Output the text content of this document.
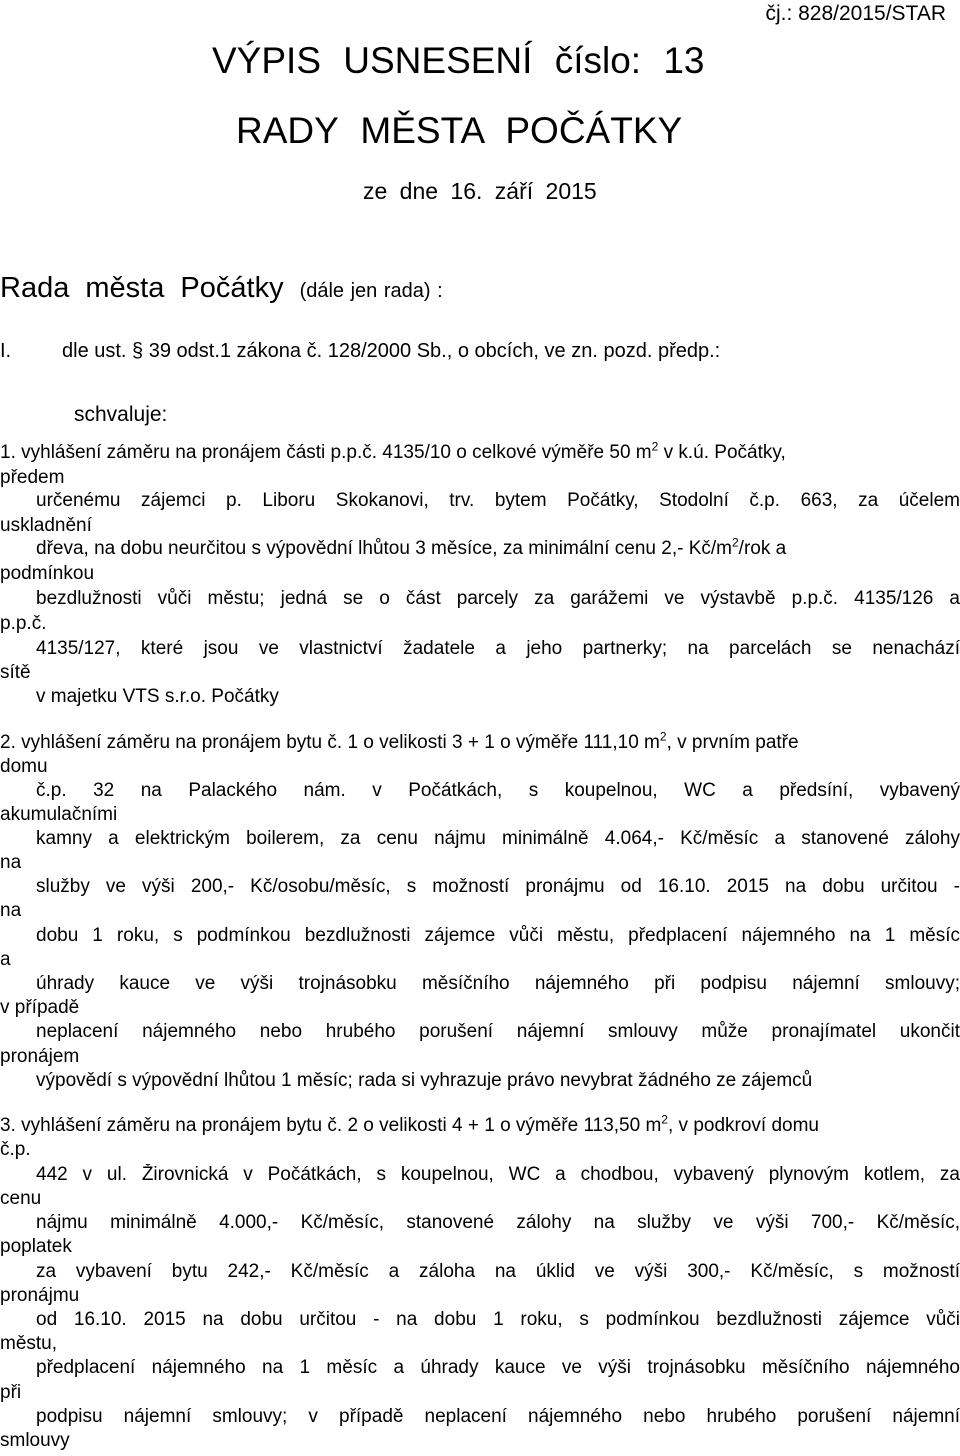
čj.: 828/2015/STAR
VÝPIS USNESENÍ číslo: 13
RADY MĚSTA POČÁTKY
ze dne 16. září 2015
Rada města Počátky (dále jen rada) :
I.	dle ust. § 39 odst.1 zákona č. 128/2000 Sb., o obcích, ve zn. pozd. předp.:
schvaluje:
1. vyhlášení záměru na pronájem části p.p.č. 4135/10 o celkové výměře 50 $m^2$ v k.ú. Počátky,
předem
určenému zájemci p. Liboru Skokanovi, trv. bytem Počátky, Stodolní č.p. 663, za účelem
uskladnění
dřeva, na dobu neurčitou s výpovědní lhůtou 3 měsíce, za minimální cenu 2,- $Kč/m^2$/rok a
podmínkou
bezdlužnosti vůči městu; jedná se o část parcely za garážemi ve výstavbě p.p.č. 4135/126 a
p.p.č.
4135/127, které jsou ve vlastnictví žadatele a jeho partnerky; na parcelách se nenachází
sítě
v majetku VTS s.r.o. Počátky
2. vyhlášení záměru na pronájem bytu č. 1 o velikosti 3 + 1 o výměře 111,10 $m^2$, v prvním patře
domu
č.p. 32 na Palackého nám. v Počátkách, s koupelnou, WC a předsíní, vybavený
akumulačními
kamny a elektrickým boilerem, za cenu nájmu minimálně 4.064,- Kč/měsíc a stanovené zálohy
na
služby ve výši 200,- Kč/osobu/měsíc, s možností pronájmu od 16.10. 2015 na dobu určitou -
na
dobu 1 roku, s podmínkou bezdlužnosti zájemce vůči městu, předplacení nájemného na 1 měsíc
a
úhrady kauce ve výši trojnásobku měsíčního nájemného při podpisu nájemní smlouvy;
v případě
neplacení nájemného nebo hrubého porušení nájemní smlouvy může pronajímatel ukončit
pronájem
výpovědí s výpovědní lhůtou 1 měsíc; rada si vyhrazuje právo nevybrat žádného ze zájemců
3. vyhlášení záměru na pronájem bytu č. 2 o velikosti 4 + 1 o výměře 113,50 $m^2$, v podkroví domu
č.p.
442 v ul. Žirovnická v Počátkách, s koupelnou, WC a chodbou, vybavený plynovým kotlem, za
cenu
nájmu minimálně 4.000,- Kč/měsíc, stanovené zálohy na služby ve výši 700,- Kč/měsíc,
poplatek
za vybavení bytu 242,- Kč/měsíc a záloha na úklid ve výši 300,- Kč/měsíc, s možností
pronájmu
od 16.10. 2015 na dobu určitou - na dobu 1 roku, s podmínkou bezdlužnosti zájemce vůči
městu,
předplacení nájemného na 1 měsíc a úhrady kauce ve výši trojnásobku měsíčního nájemného
při
podpisu nájemní smlouvy; v případě neplacení nájemného nebo hrubého porušení nájemní
smlouvy
